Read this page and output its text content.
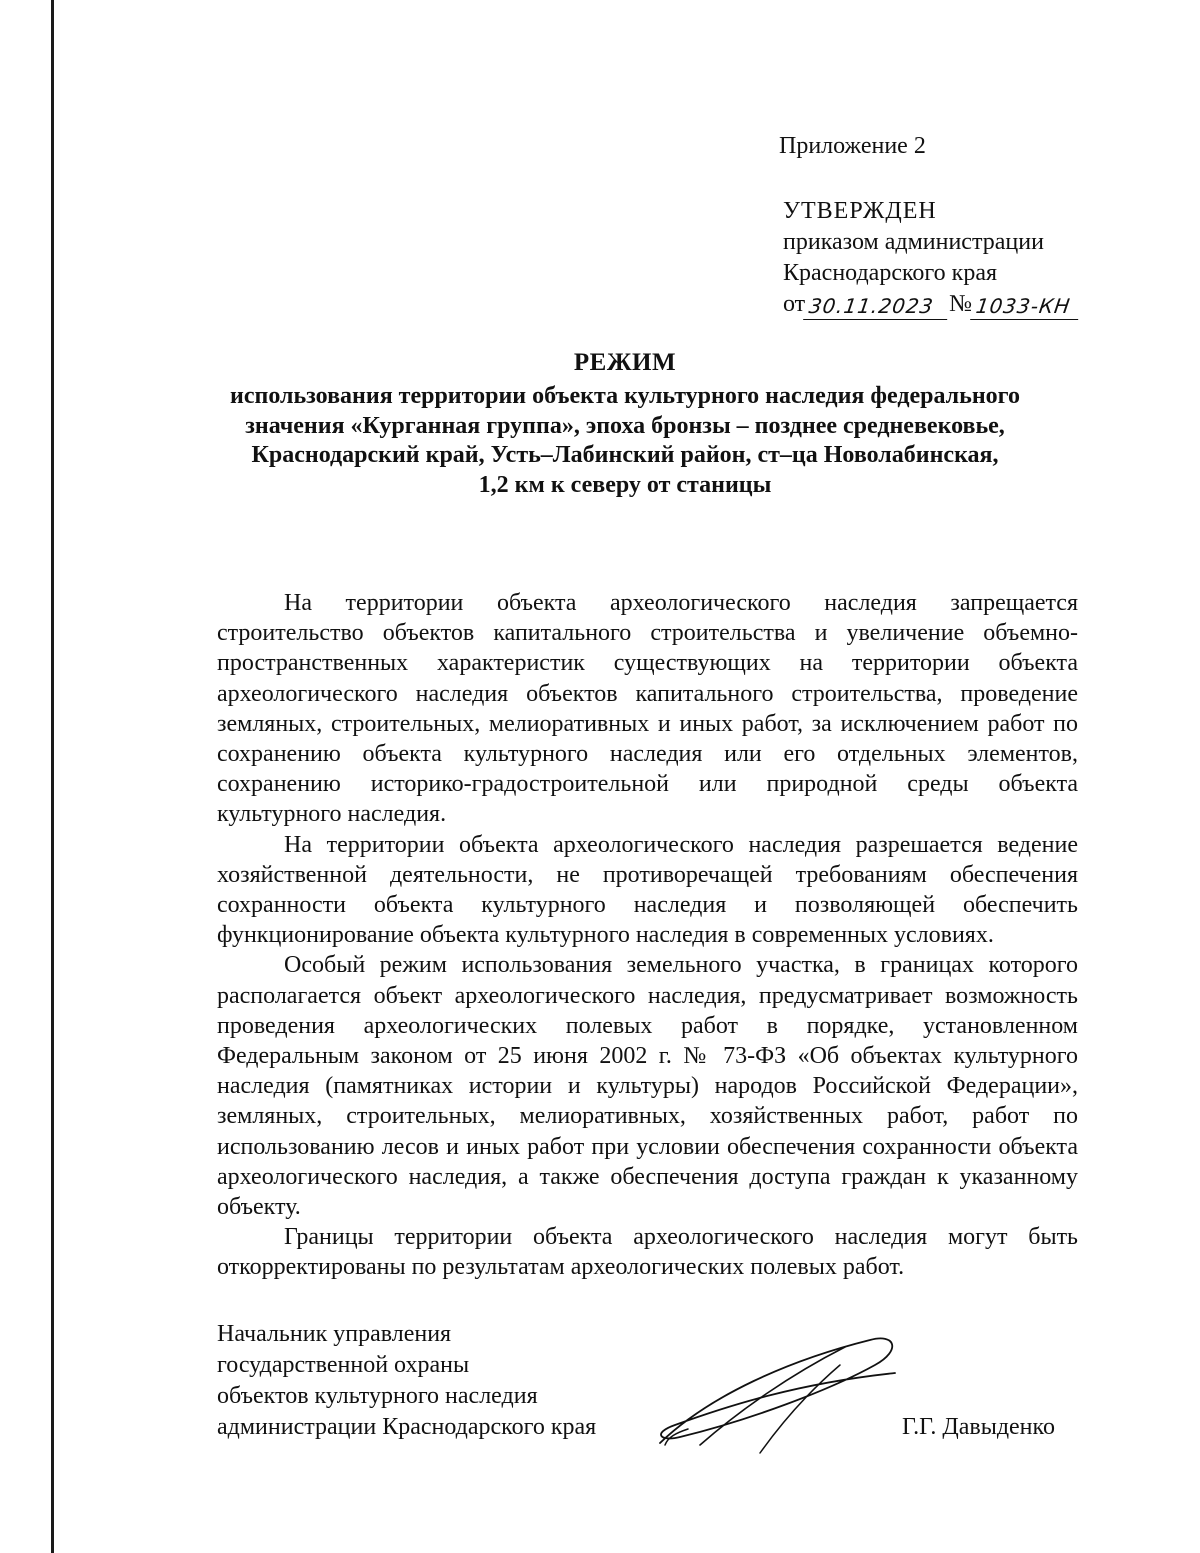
Приложение 2
УТВЕРЖДЕН
приказом администрации
Краснодарского края
от 30.11.2023 № 1033-КН
РЕЖИМ
использования территории объекта культурного наследия федерального
значения «Курганная группа», эпоха бронзы – позднее средневековье,
Краснодарский край, Усть–Лабинский район, ст–ца Новолабинская,
1,2 км к северу от станицы

На территории объекта археологического наследия запрещается строительство объектов капитального строительства и увеличение объемно-пространственных характеристик существующих на территории объекта археологического наследия объектов капитального строительства, проведение земляных, строительных, мелиоративных и иных работ, за исключением работ по сохранению объекта культурного наследия или его отдельных элементов, сохранению историко-градостроительной или природной среды объекта культурного наследия.

На территории объекта археологического наследия разрешается ведение хозяйственной деятельности, не противоречащей требованиям обеспечения сохранности объекта культурного наследия и позволяющей обеспечить функционирование объекта культурного наследия в современных условиях.

Особый режим использования земельного участка, в границах которого располагается объект археологического наследия, предусматривает возможность проведения археологических полевых работ в порядке, установленном Федеральным законом от 25 июня 2002 г. № 73-ФЗ «Об объектах культурного наследия (памятниках истории и культуры) народов Российской Федерации», земляных, строительных, мелиоративных, хозяйственных работ, работ по использованию лесов и иных работ при условии обеспечения сохранности объекта археологического наследия, а также обеспечения доступа граждан к указанному объекту.

Границы территории объекта археологического наследия могут быть откорректированы по результатам археологических полевых работ.

Начальник управления
государственной охраны
объектов культурного наследия
администрации Краснодарского края	Г.Г. Давыденко
